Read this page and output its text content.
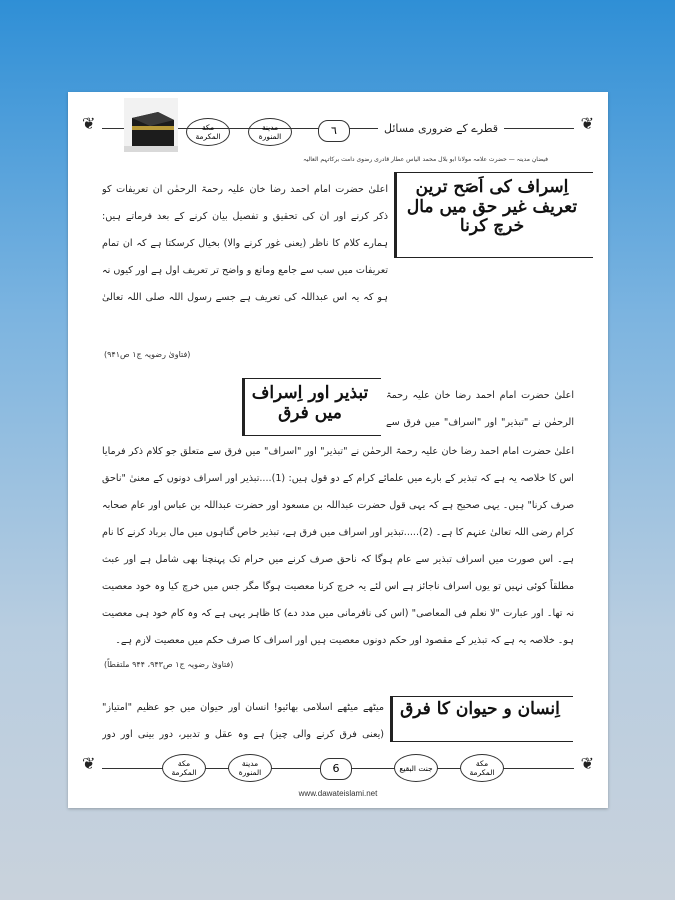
❦	❦
مكة المكرمة
مدينة المنورة	٦	قطرے کے ضروری مسائل
فیضانِ مدینہ — حضرت علامہ مولانا ابو بلال محمد الیاس عطار قادری رضوی دامت برکاتہم العالیہ
اِسراف کی اَصَح ترین تعریف غیر حق میں مال خرچ کرنا
اعلیٰ حضرت امام احمد رضا خان علیہ رحمۃ الرحمٰن ان تعریفات کو ذکر کرنے اور ان کی تحقیق و تفصیل بیان کرنے کے بعد فرماتے ہیں: ہمارے کلام کا ناظر (یعنی غور کرنے والا) بخیال کرسکتا ہے کہ ان تمام تعریفات میں سب سے جامع ومانع و واضح تر تعریف اول ہے اور کیوں نہ ہو کہ یہ اس عبداللہ کی تعریف ہے جسے رسول اللہ صلی اللہ تعالیٰ
(فتاویٰ رضویہ ج۱ ص۹۴۱)
تبذیر اور اِسراف میں فرق
اعلیٰ حضرت امام احمد رضا خان علیہ رحمۃ الرحمٰن نے "تبذیر" اور "اسراف" میں فرق سے
اعلیٰ حضرت امام احمد رضا خان علیہ رحمۃ الرحمٰن نے "تبذیر" اور "اسراف" میں فرق سے متعلق جو کلام ذکر فرمایا اس کا خلاصہ یہ ہے کہ تبذیر کے بارے میں علمائے کرام کے دو قول ہیں: (1)....تبذیر اور اسراف دونوں کے معنیٰ "ناحق صرف کرنا" ہیں۔ یہی صحیح ہے کہ یہی قول حضرت عبداللہ بن مسعود اور حضرت عبداللہ بن عباس اور عام صحابہ کرام رضی اللہ تعالیٰ عنہم کا ہے۔ (2).....تبذیر اور اسراف میں فرق ہے، تبذیر خاص گناہوں میں مال برباد کرنے کا نام ہے۔ اس صورت میں اسراف تبذیر سے عام ہوگا کہ ناحق صرف کرنے میں حرام تک پہنچنا بھی شامل ہے اور عبث مطلقاً کوئی نہیں تو یوں اسراف ناجائز ہے اس لئے یہ خرچ کرنا معصیت ہوگا مگر جس میں خرچ کیا وہ خود معصیت نہ تھا۔ اور عبارت "لا نعلم فی المعاصی" (اس کی نافرمانی میں مدد دے) کا ظاہر یہی ہے کہ وہ کام خود ہی معصیت ہو۔ خلاصہ یہ ہے کہ تبذیر کے مقصود اور حکم دونوں معصیت ہیں اور اسراف کا صرف حکم میں معصیت لازم ہے۔
(فتاویٰ رضویہ ج۱ ص۹۴۳، ۹۴۴ ملتقطاً)
اِنسان و حیوان کا فرق
میٹھے میٹھے اسلامی بھائیو! انسان اور حیوان میں جو عظیم "امتیاز" (یعنی فرق کرنے والی چیز) ہے وہ عقل و تدبیر، دور بینی اور دور
❦	❦
مكة المكرمة
مدينة المنورة	6	جنت البقيع	مكة المكرمة
www.dawateislami.net
